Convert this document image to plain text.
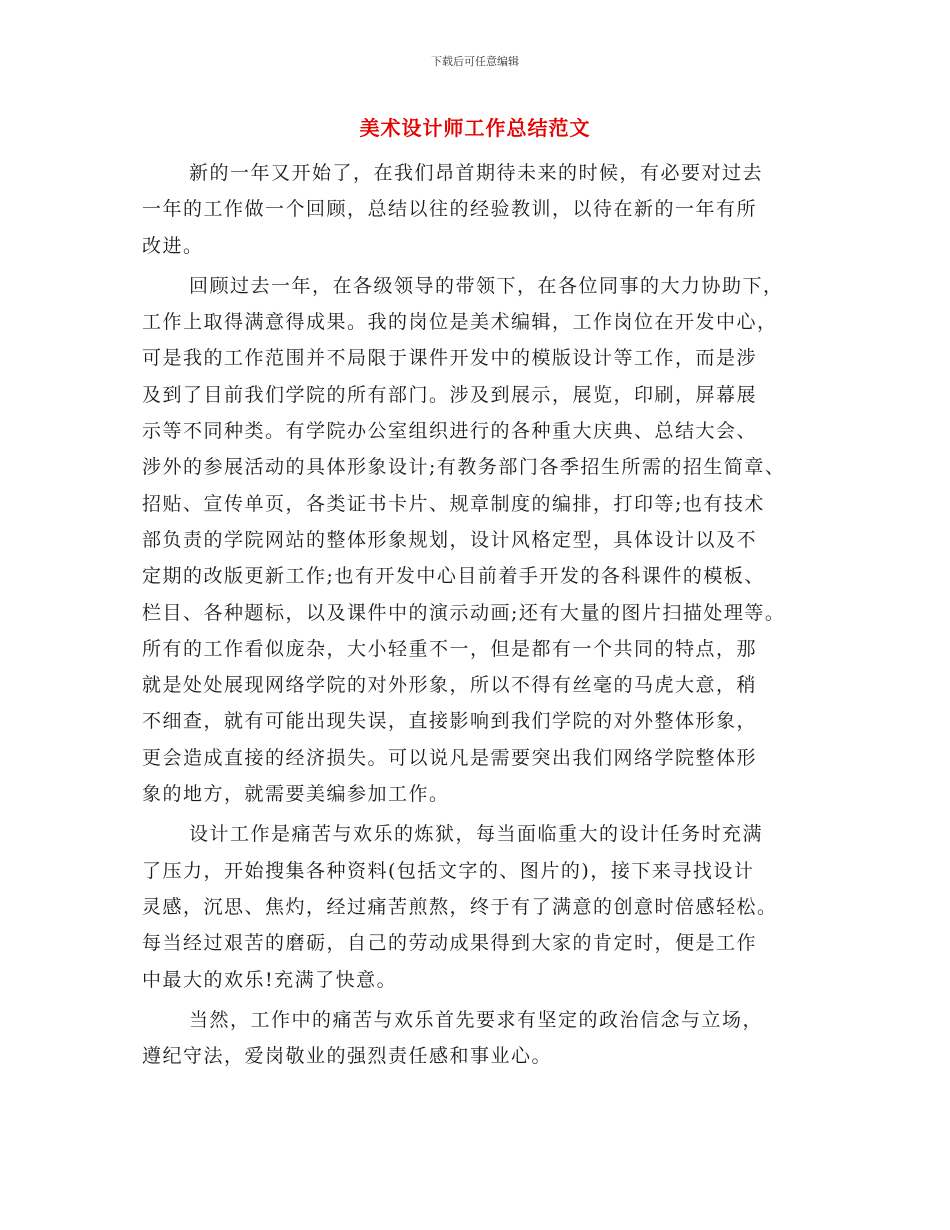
下载后可任意编辑
美术设计师工作总结范文
新的一年又开始了，在我们昂首期待未来的时候，有必要对过去
一年的工作做一个回顾，总结以往的经验教训，以待在新的一年有所
改进。
回顾过去一年，在各级领导的带领下，在各位同事的大力协助下，
工作上取得满意得成果。我的岗位是美术编辑，工作岗位在开发中心，
可是我的工作范围并不局限于课件开发中的模版设计等工作，而是涉
及到了目前我们学院的所有部门。涉及到展示，展览，印刷，屏幕展
示等不同种类。有学院办公室组织进行的各种重大庆典、总结大会、
涉外的参展活动的具体形象设计;有教务部门各季招生所需的招生简章、
招贴、宣传单页，各类证书卡片、规章制度的编排，打印等;也有技术
部负责的学院网站的整体形象规划，设计风格定型，具体设计以及不
定期的改版更新工作;也有开发中心目前着手开发的各科课件的模板、
栏目、各种题标，以及课件中的演示动画;还有大量的图片扫描处理等。
所有的工作看似庞杂，大小轻重不一，但是都有一个共同的特点，那
就是处处展现网络学院的对外形象，所以不得有丝毫的马虎大意，稍
不细查，就有可能出现失误，直接影响到我们学院的对外整体形象，
更会造成直接的经济损失。可以说凡是需要突出我们网络学院整体形
象的地方，就需要美编参加工作。
设计工作是痛苦与欢乐的炼狱，每当面临重大的设计任务时充满
了压力，开始搜集各种资料(包括文字的、图片的)，接下来寻找设计
灵感，沉思、焦灼，经过痛苦煎熬，终于有了满意的创意时倍感轻松。
每当经过艰苦的磨砺，自己的劳动成果得到大家的肯定时，便是工作
中最大的欢乐!充满了快意。
当然，工作中的痛苦与欢乐首先要求有坚定的政治信念与立场，
遵纪守法，爱岗敬业的强烈责任感和事业心。
